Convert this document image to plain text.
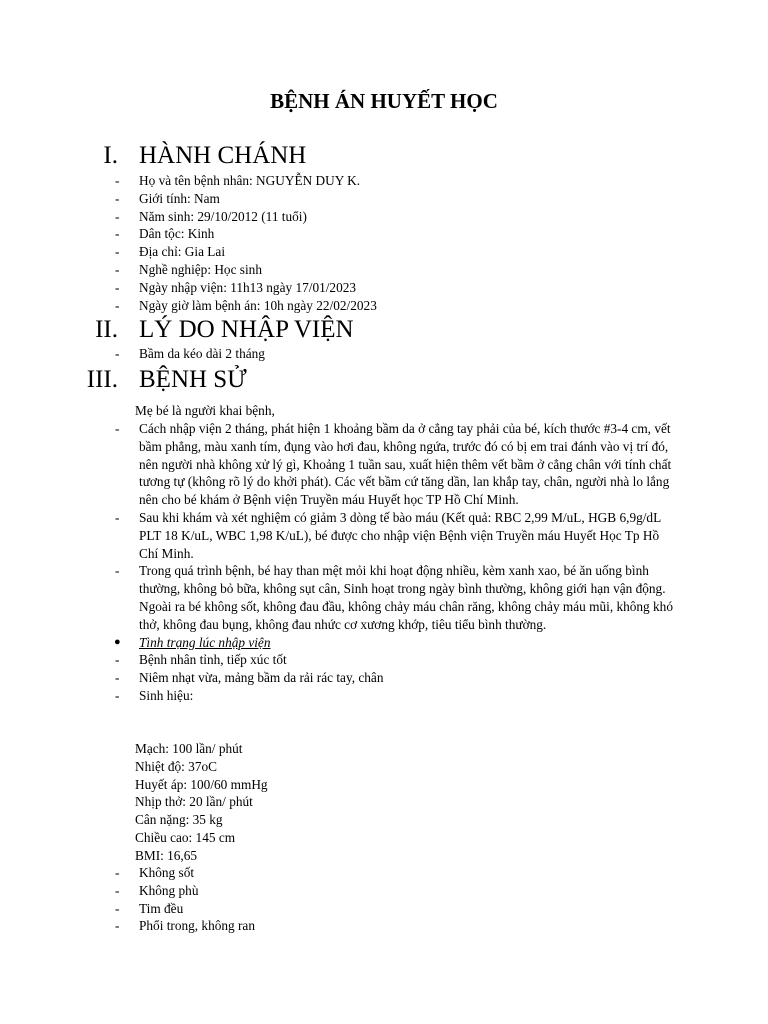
BỆNH ÁN HUYẾT HỌC
I. HÀNH CHÁNH
- Họ và tên bệnh nhân: NGUYỄN DUY K.
- Giới tính: Nam
- Năm sinh: 29/10/2012 (11 tuổi)
- Dân tộc: Kinh
- Địa chỉ: Gia Lai
- Nghề nghiệp: Học sinh
- Ngày nhập viện: 11h13 ngày 17/01/2023
- Ngày giờ làm bệnh án: 10h ngày 22/02/2023
II. LÝ DO NHẬP VIỆN
- Bầm da kéo dài 2 tháng
III. BỆNH SỬ

Mẹ bé là người khai bệnh,

- Cách nhập viện 2 tháng, phát hiện 1 khoảng bầm da ở cẳng tay phải của bé, kích thước #3-4 cm, vết bầm phẳng, màu xanh tím, đụng vào hơi đau, không ngứa, trước đó có bị em trai đánh vào vị trí đó, nên người nhà không xử lý gì, Khoảng 1 tuần sau, xuất hiện thêm vết bầm ở cẳng chân với tính chất tương tự (không rõ lý do khởi phát). Các vết bầm cứ tăng dần, lan khắp tay, chân, người nhà lo lắng nên cho bé khám ở Bệnh viện Truyền máu Huyết học TP Hồ Chí Minh.
- Sau khi khám và xét nghiệm có giảm 3 dòng tế bào máu (Kết quả: RBC 2,99 M/uL, HGB 6,9g/dL PLT 18 K/uL, WBC 1,98 K/uL), bé được cho nhập viện Bệnh viện Truyền máu Huyết Học Tp Hồ Chí Minh.
- Trong quá trình bệnh, bé hay than mệt mỏi khi hoạt động nhiều, kèm xanh xao, bé ăn uống bình thường, không bỏ bữa, không sụt cân, Sinh hoạt trong ngày bình thường, không giới hạn vận động. Ngoài ra bé không sốt, không đau đầu, không chảy máu chân răng, không chảy máu mũi, không khó thở, không đau bụng, không đau nhức cơ xương khớp, tiêu tiểu bình thường.
● Tình trạng lúc nhập viện
- Bệnh nhân tỉnh, tiếp xúc tốt
- Niêm nhạt vừa, mảng bầm da rải rác tay, chân
- Sinh hiệu:
Mạch: 100 lần/ phút
Nhiệt độ: 37oC
Huyết áp: 100/60 mmHg
Nhịp thở: 20 lần/ phút
Cân nặng: 35 kg
Chiều cao: 145 cm
BMI: 16,65
- Không sốt
- Không phù
- Tim đều
- Phổi trong, không ran
